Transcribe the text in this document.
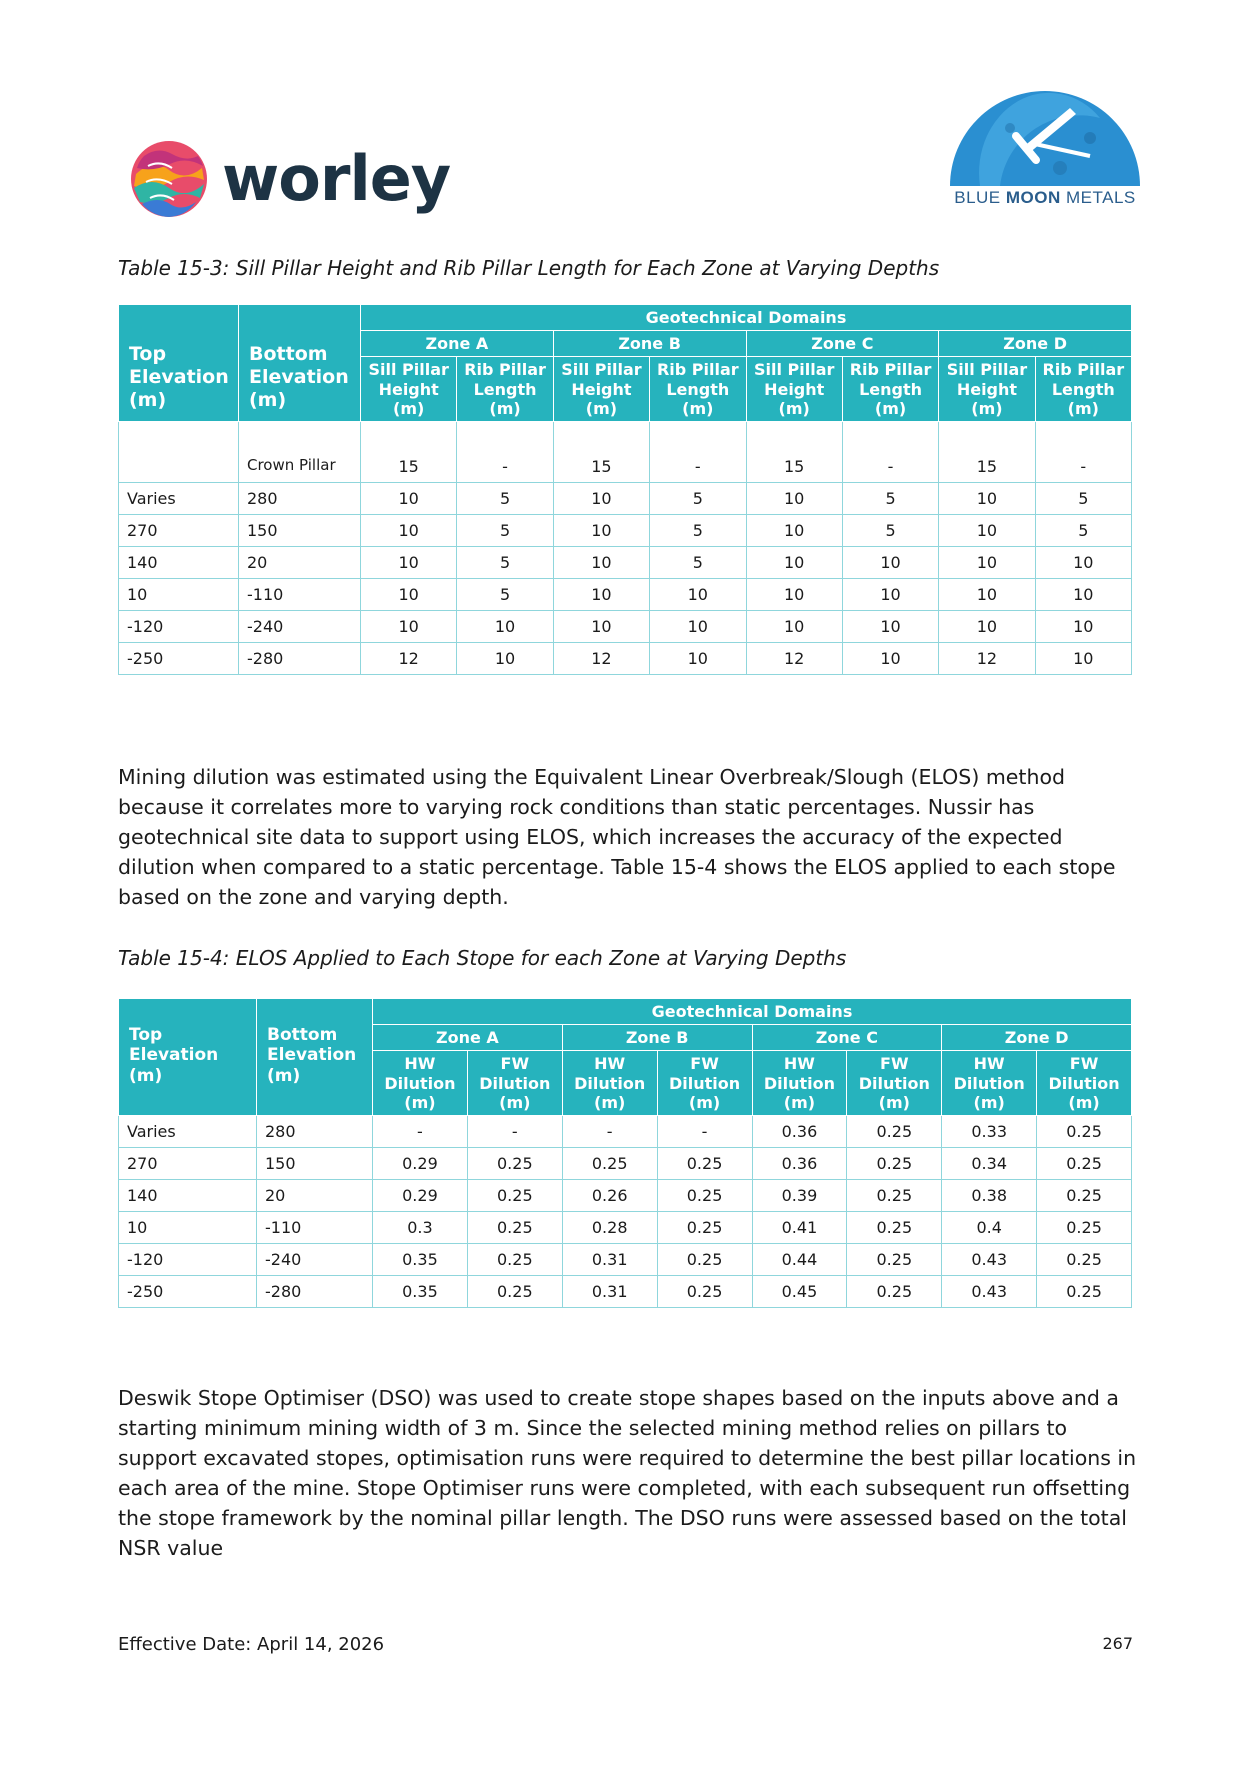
worley	BLUE MOON METALS
Table 15-3: Sill Pillar Height and Rib Pillar Length for Each Zone at Varying Depths
Top Elevation (m)	Bottom Elevation (m)	Geotechnical Domains							
		Zone A		Zone B		Zone C		Zone D	
		Sill Pillar Height (m)	Rib Pillar Length (m)	Sill Pillar Height (m)	Rib Pillar Length (m)	Sill Pillar Height (m)	Rib Pillar Length (m)	Sill Pillar Height (m)	Rib Pillar Length (m)
	Crown Pillar	15	-	15	-	15	-	15	-
Varies	280	10	5	10	5	10	5	10	5
270	150	10	5	10	5	10	5	10	5
140	20	10	5	10	5	10	10	10	10
10	-110	10	5	10	10	10	10	10	10
-120	-240	10	10	10	10	10	10	10	10
-250	-280	12	10	12	10	12	10	12	10
Mining dilution was estimated using the Equivalent Linear Overbreak/Slough (ELOS) method because it correlates more to varying rock conditions than static percentages. Nussir has geotechnical site data to support using ELOS, which increases the accuracy of the expected dilution when compared to a static percentage. Table 15-4 shows the ELOS applied to each stope based on the zone and varying depth.
Table 15-4: ELOS Applied to Each Stope for each Zone at Varying Depths
Top Elevation (m)	Bottom Elevation (m)	Geotechnical Domains							
		Zone A		Zone B		Zone C		Zone D	
		HW Dilution (m)	FW Dilution (m)	HW Dilution (m)	FW Dilution (m)	HW Dilution (m)	FW Dilution (m)	HW Dilution (m)	FW Dilution (m)
Varies	280	-	-	-	-	0.36	0.25	0.33	0.25
270	150	0.29	0.25	0.25	0.25	0.36	0.25	0.34	0.25
140	20	0.29	0.25	0.26	0.25	0.39	0.25	0.38	0.25
10	-110	0.3	0.25	0.28	0.25	0.41	0.25	0.4	0.25
-120	-240	0.35	0.25	0.31	0.25	0.44	0.25	0.43	0.25
-250	-280	0.35	0.25	0.31	0.25	0.45	0.25	0.43	0.25
Deswik Stope Optimiser (DSO) was used to create stope shapes based on the inputs above and a starting minimum mining width of 3 m. Since the selected mining method relies on pillars to support excavated stopes, optimisation runs were required to determine the best pillar locations in each area of the mine. Stope Optimiser runs were completed, with each subsequent run offsetting the stope framework by the nominal pillar length. The DSO runs were assessed based on the total NSR value
Effective Date: April 14, 2026	267
